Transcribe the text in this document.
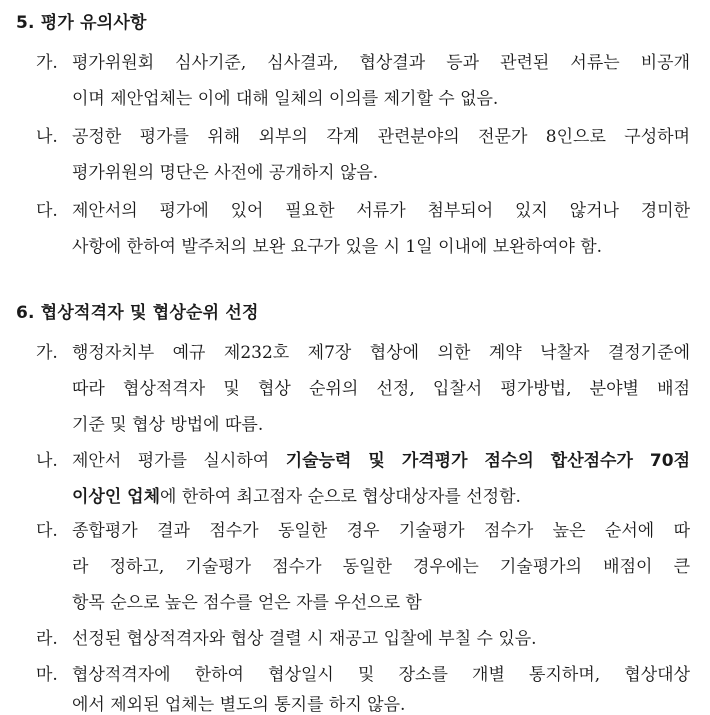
5. 평가 유의사항
가. 평가위원회 심사기준, 심사결과, 협상결과 등과 관련된 서류는 비공개
이며 제안업체는 이에 대해 일체의 이의를 제기할 수 없음.
나. 공정한 평가를 위해 외부의 각계 관련분야의 전문가 8인으로 구성하며
평가위원의 명단은 사전에 공개하지 않음.
다. 제안서의 평가에 있어 필요한 서류가 첨부되어 있지 않거나 경미한
사항에 한하여 발주처의 보완 요구가 있을 시 1일 이내에 보완하여야 함.
6. 협상적격자 및 협상순위 선정
가. 행정자치부 예규 제232호 제7장 협상에 의한 계약 낙찰자 결정기준에
따라 협상적격자 및 협상 순위의 선정, 입찰서 평가방법, 분야별 배점
기준 및 협상 방법에 따름.
나. 제안서 평가를 실시하여 기술능력 및 가격평가 점수의 합산점수가 70점
이상인 업체에 한하여 최고점자 순으로 협상대상자를 선정함.
다. 종합평가 결과 점수가 동일한 경우 기술평가 점수가 높은 순서에 따
라 정하고, 기술평가 점수가 동일한 경우에는 기술평가의 배점이 큰
항목 순으로 높은 점수를 얻은 자를 우선으로 함
라. 선정된 협상적격자와 협상 결렬 시 재공고 입찰에 부칠 수 있음.
마. 협상적격자에 한하여 협상일시 및 장소를 개별 통지하며, 협상대상
에서 제외된 업체는 별도의 통지를 하지 않음.
